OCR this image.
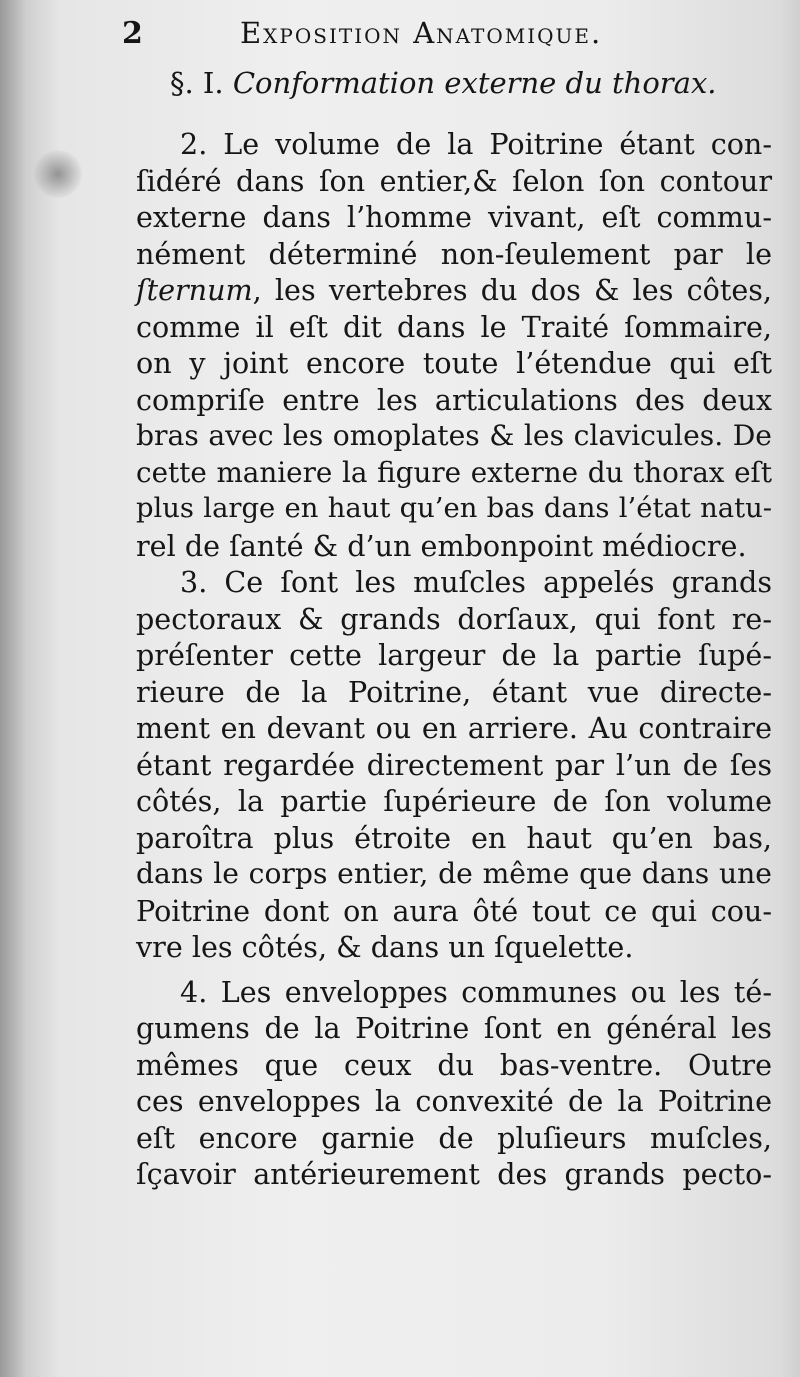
2	Exposition Anatomique.
§. I. Conformation externe du thorax.
2. Le volume de la Poitrine étant con-
ſidéré dans ſon entier,& ſelon ſon contour
externe dans l’homme vivant, eſt commu-
nément déterminé non-ſeulement par le
ſternum, les vertebres du dos & les côtes,
comme il eſt dit dans le Traité ſommaire,
on y joint encore toute l’étendue qui eſt
compriſe entre les articulations des deux
bras avec les omoplates & les clavicules. De
cette maniere la figure externe du thorax eſt
plus large en haut qu’en bas dans l’état natu-
rel de ſanté & d’un embonpoint médiocre.
3. Ce ſont les muſcles appelés grands
pectoraux & grands dorſaux, qui font re-
préſenter cette largeur de la partie ſupé-
rieure de la Poitrine, étant vue directe-
ment en devant ou en arriere. Au contraire
étant regardée directement par l’un de ſes
côtés, la partie ſupérieure de ſon volume
paroîtra plus étroite en haut qu’en bas,
dans le corps entier, de même que dans une
Poitrine dont on aura ôté tout ce qui cou-
vre les côtés, & dans un ſquelette.
4. Les enveloppes communes ou les té-
gumens de la Poitrine ſont en général les
mêmes que ceux du bas-ventre. Outre
ces enveloppes la convexité de la Poitrine
eſt encore garnie de pluſieurs muſcles,
ſçavoir antérieurement des grands pecto-
